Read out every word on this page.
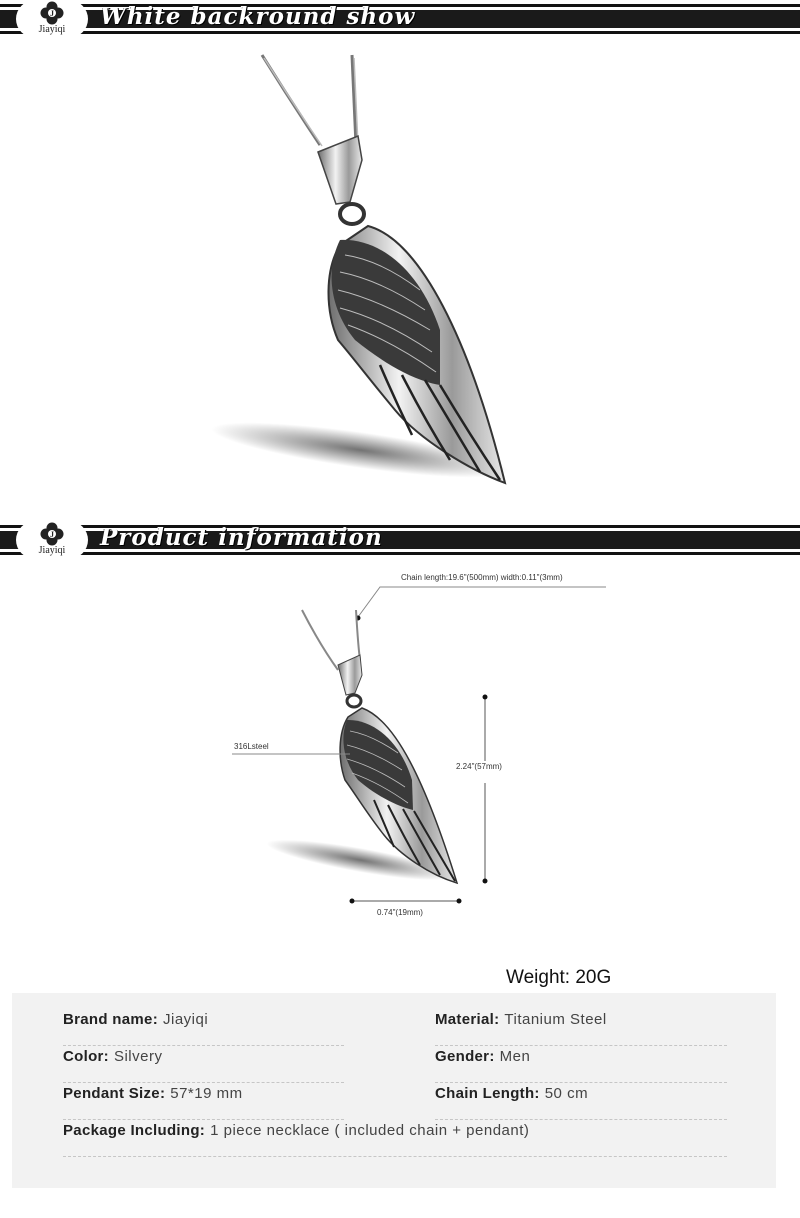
J
Jiayiqi	White backround show
J
Jiayiqi	Product information
Chain length:19.6"(500mm) width:0.11"(3mm)
316Lsteel
2.24"(57mm)
0.74"(19mm)
Weight: 20G
Brand name: Jiayiqi	Material: Titanium Steel
Color: Silvery	Gender: Men
Pendant Size: 57*19 mm	Chain Length: 50 cm
Package Including: 1 piece necklace ( included chain + pendant)
